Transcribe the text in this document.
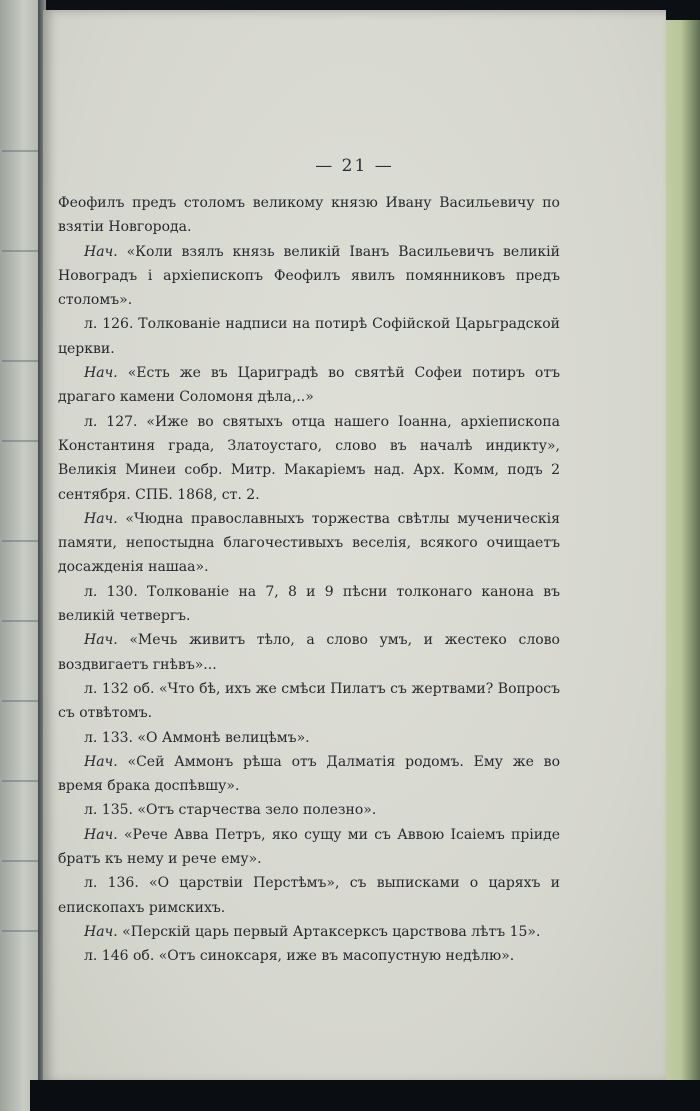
— 21 —

Феофилъ предъ столомъ великому князю Ивану Васильевичу по взятіи Новгорода.

Нач. «Коли взялъ князь великій Іванъ Васильевичъ великій Новоградъ і архіепископъ Феофилъ явилъ помянниковъ предъ столомъ».

л. 126. Толкованіе надписи на потирѣ Софійской Царьградской церкви.

Нач. «Есть же въ Цариградѣ во святѣй Софеи потиръ отъ драгаго камени Соломоня дѣла,..»

л. 127. «Иже во святыхъ отца нашего Іоанна, архіепископа Константиня града, Златоустаго, слово въ началѣ индикту», Великія Минеи собр. Митр. Макаріемъ над. Арх. Комм, подъ 2 сентября. СПБ. 1868, ст. 2.

Нач. «Чюдна православныхъ торжества свѣтлы мученическія памяти, непостыдна благочестивыхъ веселія, всякого очищаетъ досажденія нашаа».

л. 130. Толкованіе на 7, 8 и 9 пѣсни толконаго канона въ великій четвергъ.

Нач. «Мечь живитъ тѣло, а слово умъ, и жестеко слово воздвигаетъ гнѣвъ»...

л. 132 об. «Что бѣ, ихъ же смѣси Пилатъ съ жертвами? Вопросъ съ отвѣтомъ.

л. 133. «О Аммонѣ велицѣмъ».

Нач. «Сей Аммонъ рѣша отъ Далматія родомъ. Ему же во время брака доспѣвшу».

л. 135. «Отъ старчества зело полезно».

Нач. «Рече Авва Петръ, яко сущу ми съ Аввою Ісаіемъ пріиде братъ къ нему и рече ему».

л. 136. «О царствіи Перстѣмъ», съ выписками о царяхъ и епископахъ римскихъ.

Нач. «Перскій царь первый Артаксерксъ царствова лѣтъ 15».

л. 146 об. «Отъ синоксаря, иже въ масопустную недѣлю».
